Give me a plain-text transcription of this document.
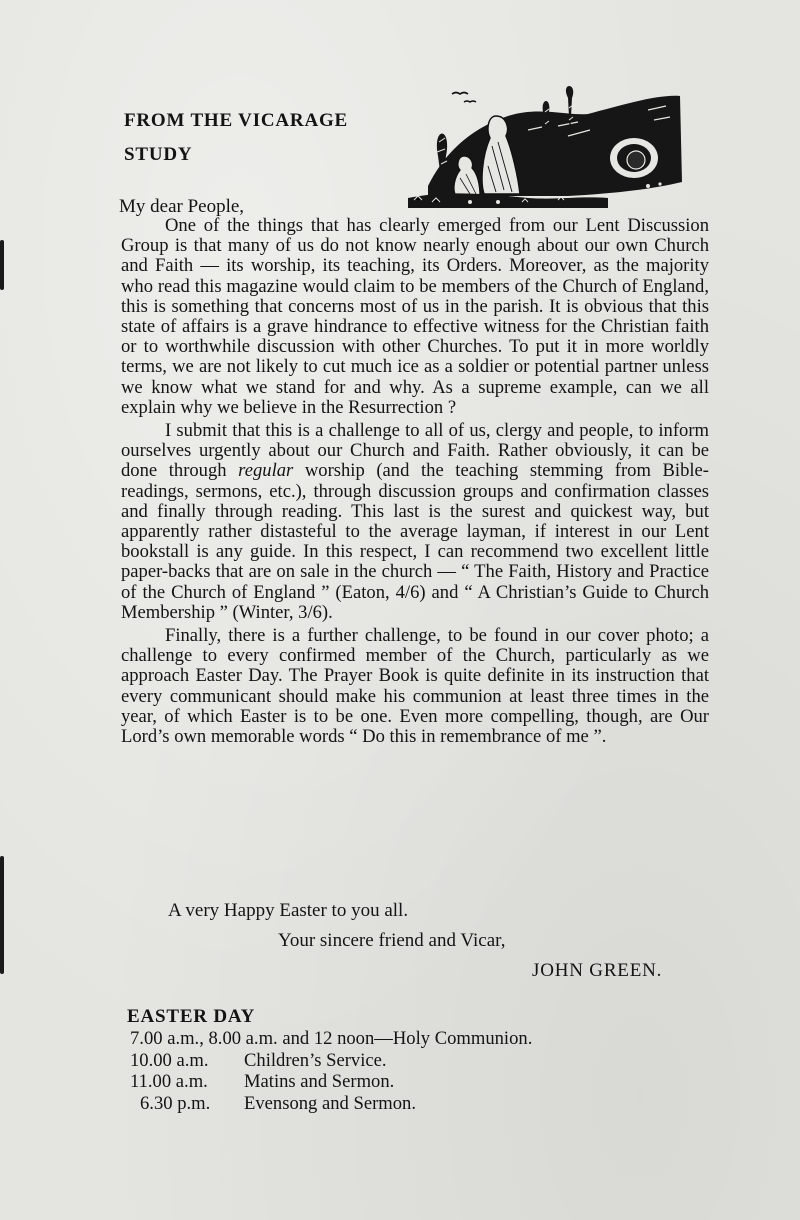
FROM THE VICARAGE
STUDY
My dear People,

One of the things that has clearly emerged from our Lent Discussion Group is that many of us do not know nearly enough about our own Church and Faith — its worship, its teaching, its Orders. Moreover, as the majority who read this magazine would claim to be members of the Church of England, this is something that concerns most of us in the parish. It is obvious that this state of affairs is a grave hindrance to effective witness for the Christian faith or to worthwhile discussion with other Churches. To put it in more worldly terms, we are not likely to cut much ice as a soldier or potential partner unless we know what we stand for and why. As a supreme example, can we all explain why we believe in the Resurrection ?

I submit that this is a challenge to all of us, clergy and people, to inform ourselves urgently about our Church and Faith. Rather obviously, it can be done through regular worship (and the teaching stemming from Bible-readings, sermons, etc.), through discussion groups and confirmation classes and finally through reading. This last is the surest and quickest way, but apparently rather distasteful to the average layman, if interest in our Lent bookstall is any guide. In this respect, I can recommend two excellent little paper-backs that are on sale in the church — “ The Faith, History and Practice of the Church of England ” (Eaton, 4/6) and “ A Christian’s Guide to Church Membership ” (Winter, 3/6).

Finally, there is a further challenge, to be found in our cover photo; a challenge to every confirmed member of the Church, particularly as we approach Easter Day. The Prayer Book is quite definite in its instruction that every communicant should make his communion at least three times in the year, of which Easter is to be one. Even more compelling, though, are Our Lord’s own memorable words “ Do this in remembrance of me ”.

A very Happy Easter to you all.
Your sincere friend and Vicar,
JOHN GREEN.
EASTER DAY
7.00 a.m., 8.00 a.m. and 12 noon— Holy Communion.
10.00 a.m.	Children’s Service.
11.00 a.m.	Matins and Sermon.
6.30 p.m.	Evensong and Sermon.
